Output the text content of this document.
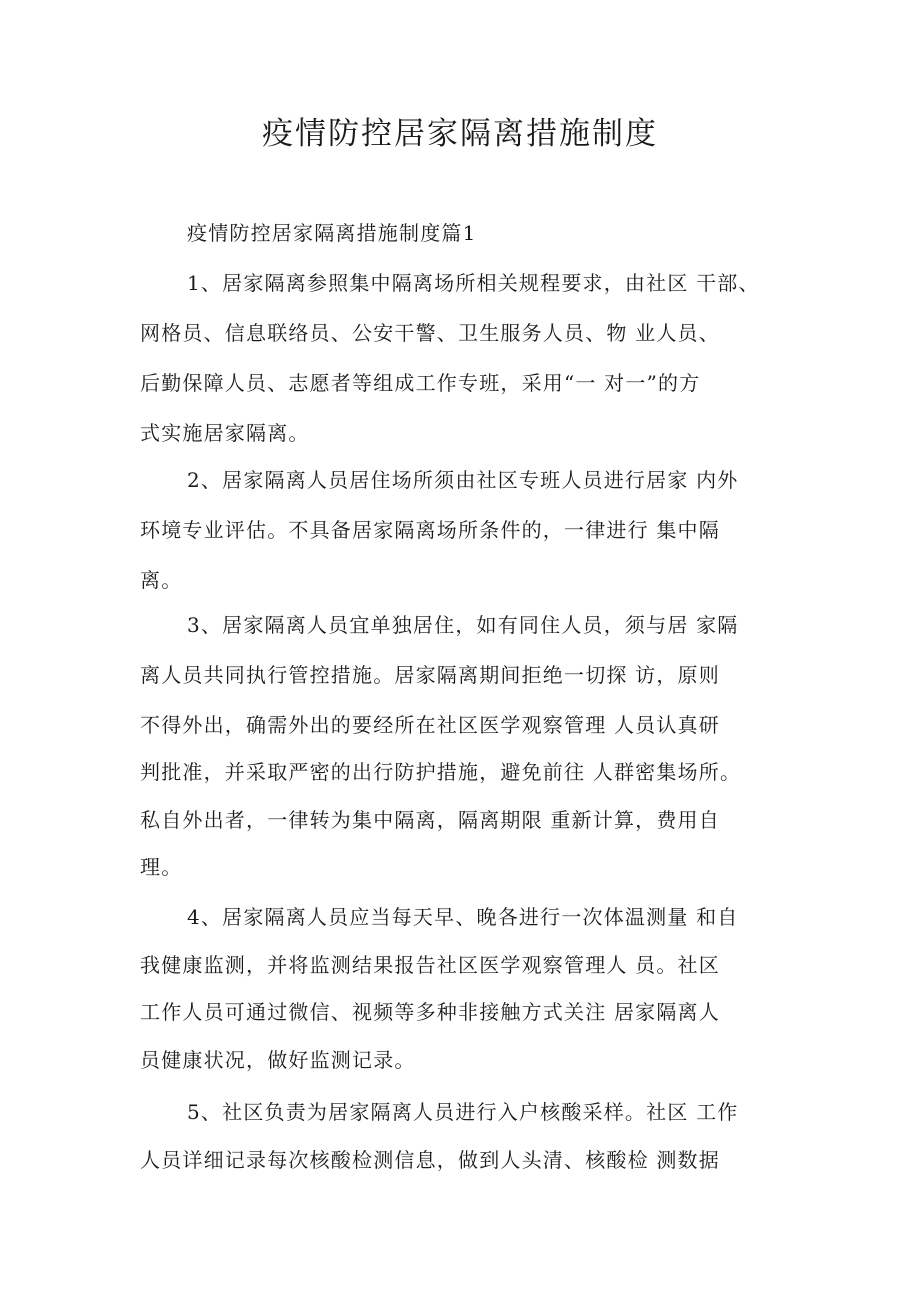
疫情防控居家隔离措施制度

疫情防控居家隔离措施制度篇1

1、居家隔离参照集中隔离场所相关规程要求，由社区 干部、

网格员、信息联络员、公安干警、卫生服务人员、物 业人员、

后勤保障人员、志愿者等组成工作专班，采用“一 对一”的方

式实施居家隔离。

2、居家隔离人员居住场所须由社区专班人员进行居家 内外

环境专业评估。不具备居家隔离场所条件的，一律进行 集中隔

离。

3、居家隔离人员宜单独居住，如有同住人员，须与居 家隔

离人员共同执行管控措施。居家隔离期间拒绝一切探 访，原则

不得外出，确需外出的要经所在社区医学观察管理 人员认真研

判批准，并采取严密的出行防护措施，避免前往 人群密集场所。

私自外出者，一律转为集中隔离，隔离期限 重新计算，费用自

理。

4、居家隔离人员应当每天早、晚各进行一次体温测量 和自

我健康监测，并将监测结果报告社区医学观察管理人 员。社区

工作人员可通过微信、视频等多种非接触方式关注 居家隔离人

员健康状况，做好监测记录。

5、社区负责为居家隔离人员进行入户核酸采样。社区 工作

人员详细记录每次核酸检测信息，做到人头清、核酸检 测数据
